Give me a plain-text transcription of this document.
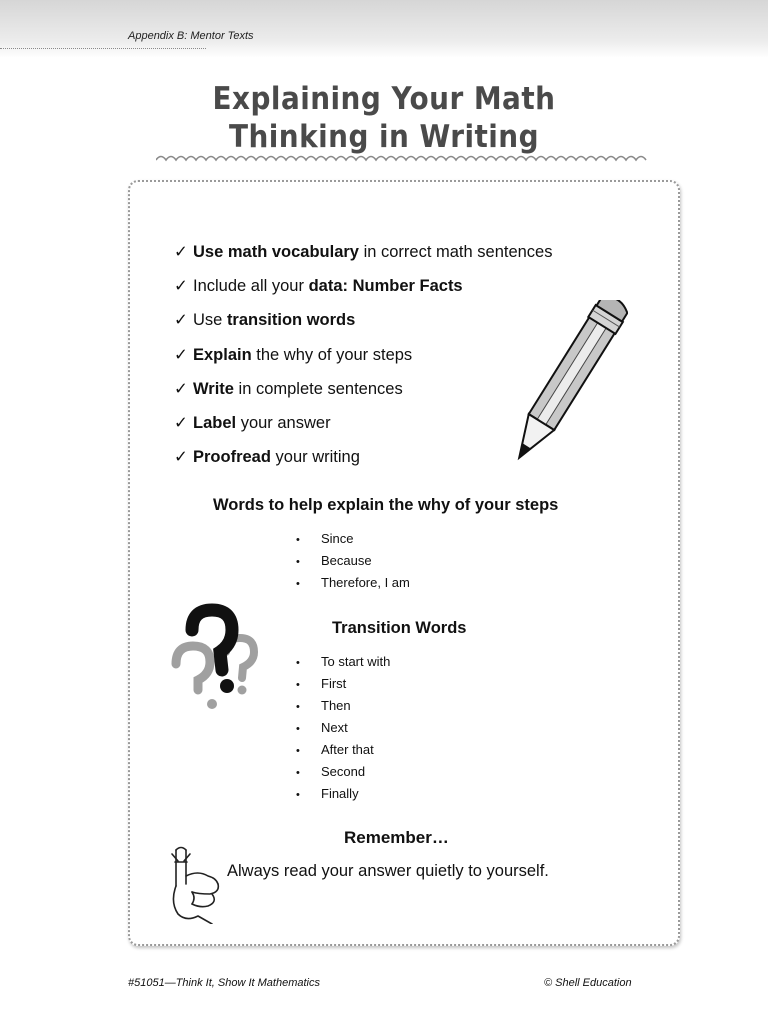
Appendix B: Mentor Texts
Explaining Your Math
Thinking in Writing
✓ Use math vocabulary in correct math sentences
✓ Include all your data: Number Facts
✓ Use transition words
✓ Explain the why of your steps
✓ Write in complete sentences
✓ Label your answer
✓ Proofread your writing
Words to help explain the why of your steps
• Since
• Because
• Therefore, I am
Transition Words
• To start with
• First
• Then
• Next
• After that
• Second
• Finally
Remember…
Always read your answer quietly to yourself.
#51051—Think It, Show It Mathematics	© Shell Education
